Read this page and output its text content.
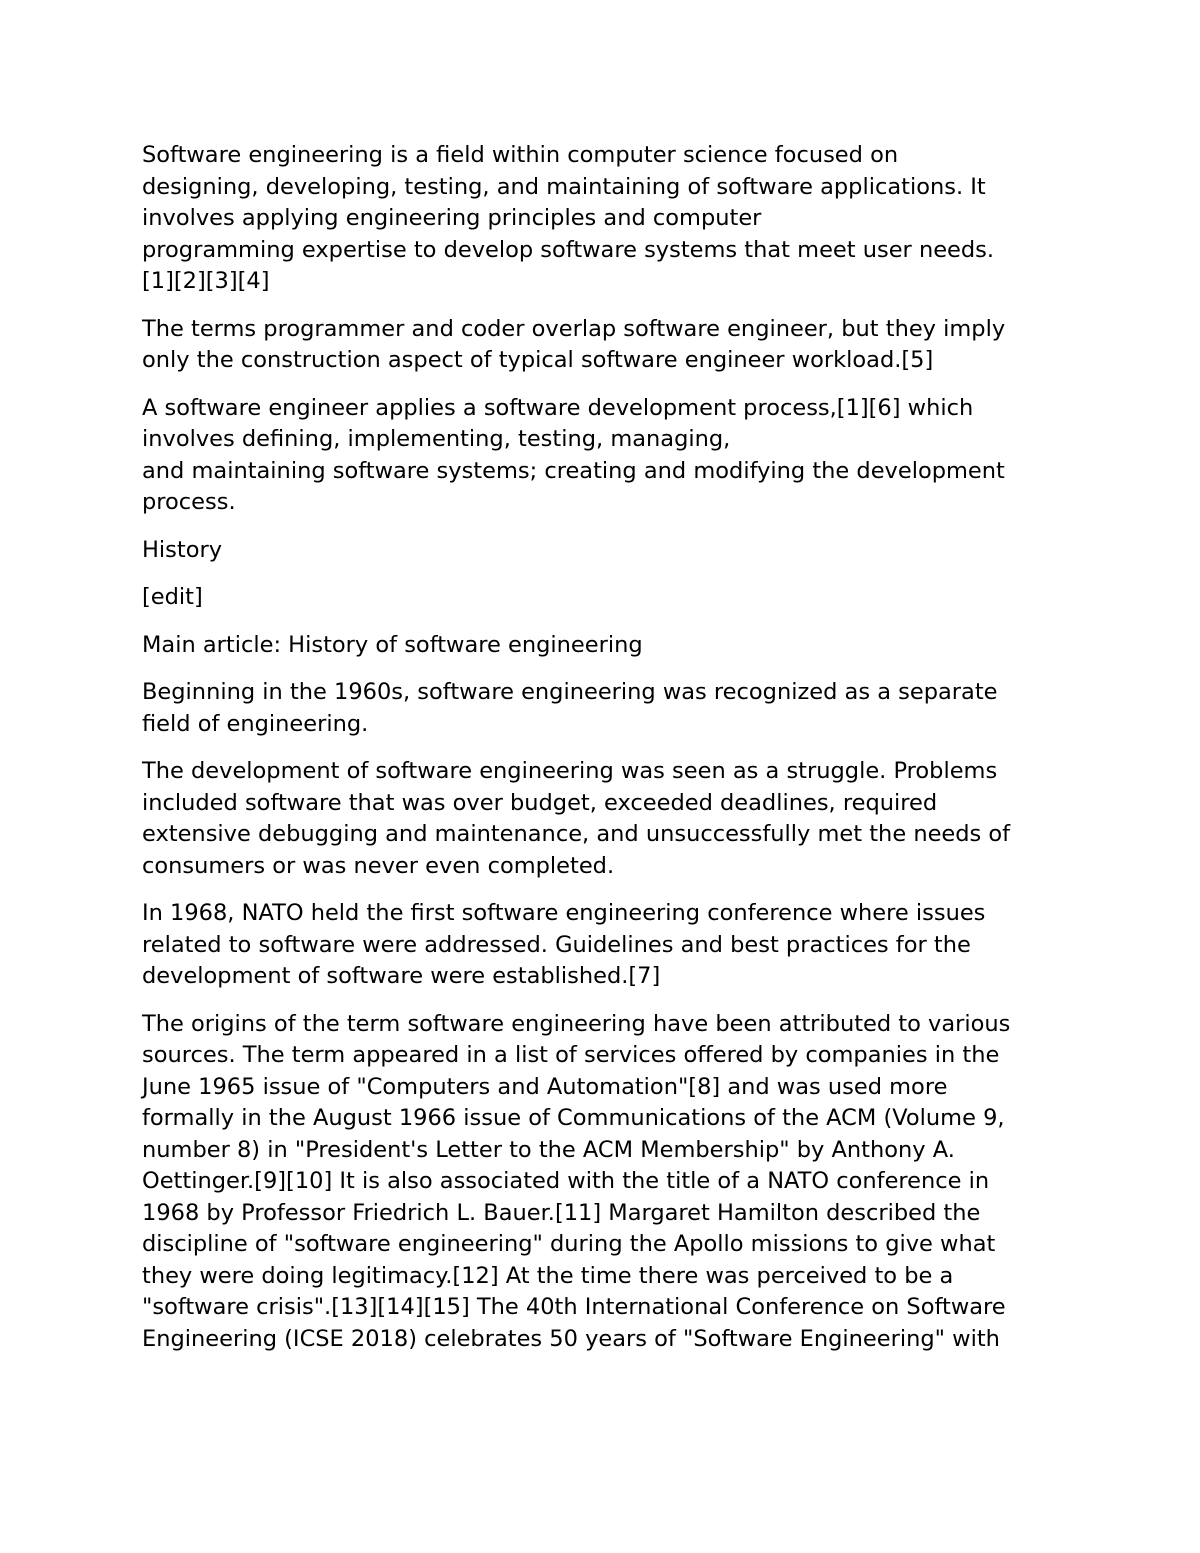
Software engineering is a field within computer science focused on
designing, developing, testing, and maintaining of software applications. It
involves applying engineering principles and computer
programming expertise to develop software systems that meet user needs.
[1][2][3][4]

The terms programmer and coder overlap software engineer, but they imply
only the construction aspect of typical software engineer workload.[5]

A software engineer applies a software development process,[1][6] which
involves defining, implementing, testing, managing,
and maintaining software systems; creating and modifying the development
process.

History

[edit]

Main article: History of software engineering

Beginning in the 1960s, software engineering was recognized as a separate
field of engineering.

The development of software engineering was seen as a struggle. Problems
included software that was over budget, exceeded deadlines, required
extensive debugging and maintenance, and unsuccessfully met the needs of
consumers or was never even completed.

In 1968, NATO held the first software engineering conference where issues
related to software were addressed. Guidelines and best practices for the
development of software were established.[7]

The origins of the term software engineering have been attributed to various
sources. The term appeared in a list of services offered by companies in the
June 1965 issue of "Computers and Automation"[8] and was used more
formally in the August 1966 issue of Communications of the ACM (Volume 9,
number 8) in "President's Letter to the ACM Membership" by Anthony A.
Oettinger.[9][10] It is also associated with the title of a NATO conference in
1968 by Professor Friedrich L. Bauer.[11] Margaret Hamilton described the
discipline of "software engineering" during the Apollo missions to give what
they were doing legitimacy.[12] At the time there was perceived to be a
"software crisis".[13][14][15] The 40th International Conference on Software
Engineering (ICSE 2018) celebrates 50 years of "Software Engineering" with
